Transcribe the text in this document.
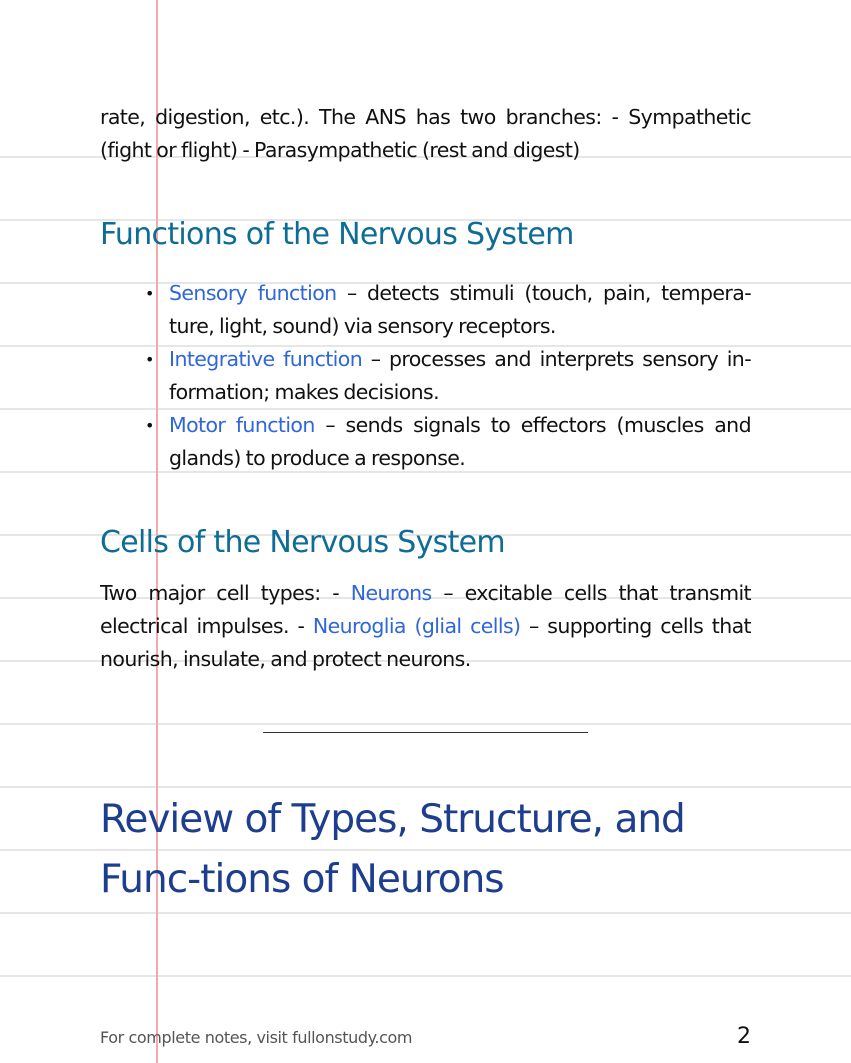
rate, digestion, etc.). The ANS has two branches: - Sympathetic (fight or flight) - Parasympathetic (rest and digest)

Functions of the Nervous System

• Sensory function – detects stimuli (touch, pain, tempera-ture, light, sound) via sensory receptors.

• Integrative function – processes and interprets sensory in-formation; makes decisions.

• Motor function – sends signals to effectors (muscles and glands) to produce a response.

Cells of the Nervous System

Two major cell types: - Neurons – excitable cells that transmit electrical impulses. - Neuroglia (glial cells) – supporting cells that nourish, insulate, and protect neurons.

Review of Types, Structure, and Func-tions of Neurons
For complete notes, visit fullonstudy.com	2
